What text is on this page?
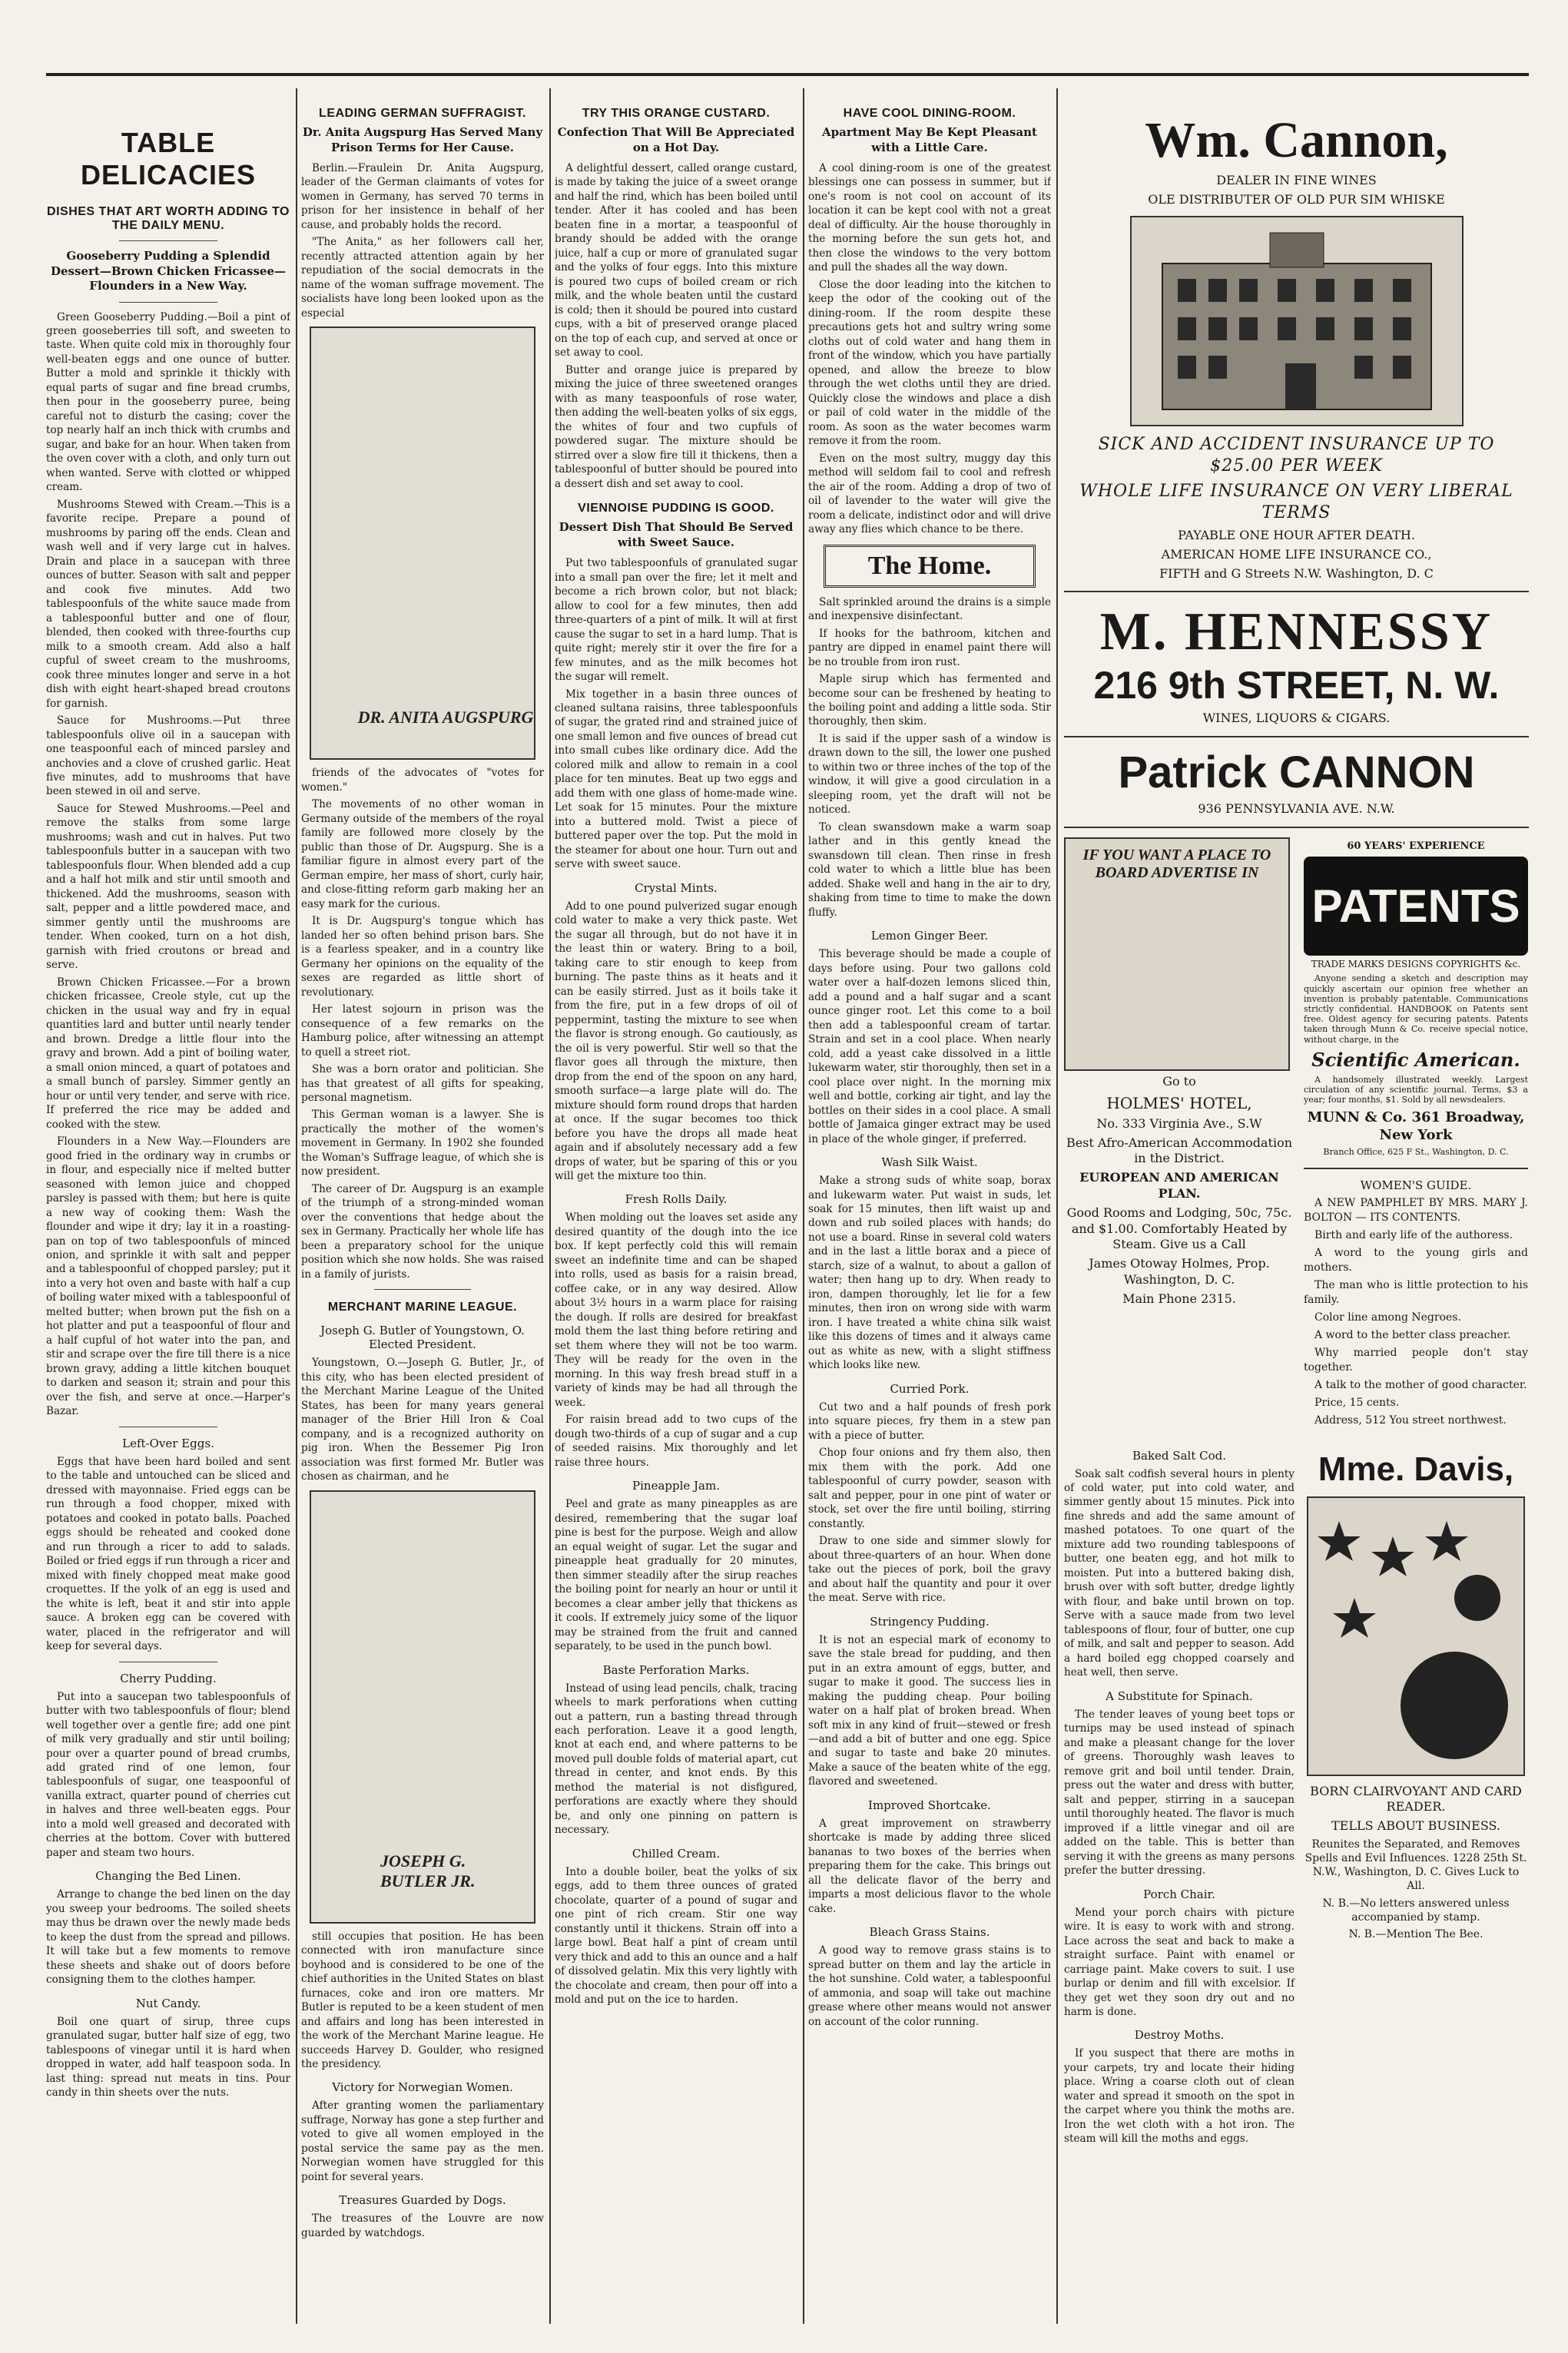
TABLE DELICACIES
DISHES THAT ART WORTH ADDING TO THE DAILY MENU.
Gooseberry Pudding a Splendid Dessert—Brown Chicken Fricassee—Flounders in a New Way.

Green Gooseberry Pudding.—Boil a pint of green gooseberries till soft, and sweeten to taste. When quite cold mix in thoroughly four well-beaten eggs and one ounce of butter. Butter a mold and sprinkle it thickly with equal parts of sugar and fine bread crumbs, then pour in the gooseberry puree, being careful not to disturb the casing; cover the top nearly half an inch thick with crumbs and sugar, and bake for an hour. When taken from the oven cover with a cloth, and only turn out when wanted. Serve with clotted or whipped cream.

Mushrooms Stewed with Cream.—This is a favorite recipe. Prepare a pound of mushrooms by paring off the ends. Clean and wash well and if very large cut in halves. Drain and place in a saucepan with three ounces of butter. Season with salt and pepper and cook five minutes. Add two tablespoonfuls of the white sauce made from a tablespoonful butter and one of flour, blended, then cooked with three-fourths cup milk to a smooth cream. Add also a half cupful of sweet cream to the mushrooms, cook three minutes longer and serve in a hot dish with eight heart-shaped bread croutons for garnish.

Sauce for Mushrooms.—Put three tablespoonfuls olive oil in a saucepan with one teaspoonful each of minced parsley and anchovies and a clove of crushed garlic. Heat five minutes, add to mushrooms that have been stewed in oil and serve.

Sauce for Stewed Mushrooms.—Peel and remove the stalks from some large mushrooms; wash and cut in halves. Put two tablespoonfuls butter in a saucepan with two tablespoonfuls flour. When blended add a cup and a half hot milk and stir until smooth and thickened. Add the mushrooms, season with salt, pepper and a little powdered mace, and simmer gently until the mushrooms are tender. When cooked, turn on a hot dish, garnish with fried croutons or bread and serve.

Brown Chicken Fricassee.—For a brown chicken fricassee, Creole style, cut up the chicken in the usual way and fry in equal quantities lard and butter until nearly tender and brown. Dredge a little flour into the gravy and brown. Add a pint of boiling water, a small onion minced, a quart of potatoes and a small bunch of parsley. Simmer gently an hour or until very tender, and serve with rice. If preferred the rice may be added and cooked with the stew.

Flounders in a New Way.—Flounders are good fried in the ordinary way in crumbs or in flour, and especially nice if melted butter seasoned with lemon juice and chopped parsley is passed with them; but here is quite a new way of cooking them: Wash the flounder and wipe it dry; lay it in a roasting-pan on top of two tablespoonfuls of minced onion, and sprinkle it with salt and pepper and a tablespoonful of chopped parsley; put it into a very hot oven and baste with half a cup of boiling water mixed with a tablespoonful of melted butter; when brown put the fish on a hot platter and put a teaspoonful of flour and a half cupful of hot water into the pan, and stir and scrape over the fire till there is a nice brown gravy, adding a little kitchen bouquet to darken and season it; strain and pour this over the fish, and serve at once.—Harper's Bazar.

Left-Over Eggs.

Eggs that have been hard boiled and sent to the table and untouched can be sliced and dressed with mayonnaise. Fried eggs can be run through a food chopper, mixed with potatoes and cooked in potato balls. Poached eggs should be reheated and cooked done and run through a ricer to add to salads. Boiled or fried eggs if run through a ricer and mixed with finely chopped meat make good croquettes. If the yolk of an egg is used and the white is left, beat it and stir into apple sauce. A broken egg can be covered with water, placed in the refrigerator and will keep for several days.

Cherry Pudding.

Put into a saucepan two tablespoonfuls of butter with two tablespoonfuls of flour; blend well together over a gentle fire; add one pint of milk very gradually and stir until boiling; pour over a quarter pound of bread crumbs, add grated rind of one lemon, four tablespoonfuls of sugar, one teaspoonful of vanilla extract, quarter pound of cherries cut in halves and three well-beaten eggs. Pour into a mold well greased and decorated with cherries at the bottom. Cover with buttered paper and steam two hours.

Changing the Bed Linen.

Arrange to change the bed linen on the day you sweep your bedrooms. The soiled sheets may thus be drawn over the newly made beds to keep the dust from the spread and pillows. It will take but a few moments to remove these sheets and shake out of doors before consigning them to the clothes hamper.

Nut Candy.

Boil one quart of sirup, three cups granulated sugar, butter half size of egg, two tablespoons of vinegar until it is hard when dropped in water, add half teaspoon soda. In last thing: spread nut meats in tins. Pour candy in thin sheets over the nuts.

LEADING GERMAN SUFFRAGIST.
Dr. Anita Augspurg Has Served Many Prison Terms for Her Cause.

Berlin.—Fraulein Dr. Anita Augspurg, leader of the German claimants of votes for women in Germany, has served 70 terms in prison for her insistence in behalf of her cause, and probably holds the record.

"The Anita," as her followers call her, recently attracted attention again by her repudiation of the social democrats in the name of the woman suffrage movement. The socialists have long been looked upon as the especial

DR. ANITA AUGSPURG

friends of the advocates of "votes for women."

The movements of no other woman in Germany outside of the members of the royal family are followed more closely by the public than those of Dr. Augspurg. She is a familiar figure in almost every part of the German empire, her mass of short, curly hair, and close-fitting reform garb making her an easy mark for the curious.

It is Dr. Augspurg's tongue which has landed her so often behind prison bars. She is a fearless speaker, and in a country like Germany her opinions on the equality of the sexes are regarded as little short of revolutionary.

Her latest sojourn in prison was the consequence of a few remarks on the Hamburg police, after witnessing an attempt to quell a street riot.

She was a born orator and politician. She has that greatest of all gifts for speaking, personal magnetism.

This German woman is a lawyer. She is practically the mother of the women's movement in Germany. In 1902 she founded the Woman's Suffrage league, of which she is now president.

The career of Dr. Augspurg is an example of the triumph of a strong-minded woman over the conventions that hedge about the sex in Germany. Practically her whole life has been a preparatory school for the unique position which she now holds. She was raised in a family of jurists.

MERCHANT MARINE LEAGUE.
Joseph G. Butler of Youngstown, O. Elected President.

Youngstown, O.—Joseph G. Butler, Jr., of this city, who has been elected president of the Merchant Marine League of the United States, has been for many years general manager of the Brier Hill Iron & Coal company, and is a recognized authority on pig iron. When the Bessemer Pig Iron association was first formed Mr. Butler was chosen as chairman, and he

JOSEPH G. BUTLER JR.

still occupies that position. He has been connected with iron manufacture since boyhood and is considered to be one of the chief authorities in the United States on blast furnaces, coke and iron ore matters. Mr Butler is reputed to be a keen student of men and affairs and long has been interested in the work of the Merchant Marine league. He succeeds Harvey D. Goulder, who resigned the presidency.

Victory for Norwegian Women.

After granting women the parliamentary suffrage, Norway has gone a step further and voted to give all women employed in the postal service the same pay as the men. Norwegian women have struggled for this point for several years.

Treasures Guarded by Dogs.

The treasures of the Louvre are now guarded by watchdogs.

TRY THIS ORANGE CUSTARD.
Confection That Will Be Appreciated on a Hot Day.

A delightful dessert, called orange custard, is made by taking the juice of a sweet orange and half the rind, which has been boiled until tender. After it has cooled and has been beaten fine in a mortar, a teaspoonful of brandy should be added with the orange juice, half a cup or more of granulated sugar and the yolks of four eggs. Into this mixture is poured two cups of boiled cream or rich milk, and the whole beaten until the custard is cold; then it should be poured into custard cups, with a bit of preserved orange placed on the top of each cup, and served at once or set away to cool.

Butter and orange juice is prepared by mixing the juice of three sweetened oranges with as many teaspoonfuls of rose water, then adding the well-beaten yolks of six eggs, the whites of four and two cupfuls of powdered sugar. The mixture should be stirred over a slow fire till it thickens, then a tablespoonful of butter should be poured into a dessert dish and set away to cool.

VIENNOISE PUDDING IS GOOD.
Dessert Dish That Should Be Served with Sweet Sauce.

Put two tablespoonfuls of granulated sugar into a small pan over the fire; let it melt and become a rich brown color, but not black; allow to cool for a few minutes, then add three-quarters of a pint of milk. It will at first cause the sugar to set in a hard lump. That is quite right; merely stir it over the fire for a few minutes, and as the milk becomes hot the sugar will remelt.

Mix together in a basin three ounces of cleaned sultana raisins, three tablespoonfuls of sugar, the grated rind and strained juice of one small lemon and five ounces of bread cut into small cubes like ordinary dice. Add the colored milk and allow to remain in a cool place for ten minutes. Beat up two eggs and add them with one glass of home-made wine. Let soak for 15 minutes. Pour the mixture into a buttered mold. Twist a piece of buttered paper over the top. Put the mold in the steamer for about one hour. Turn out and serve with sweet sauce.

Crystal Mints.

Add to one pound pulverized sugar enough cold water to make a very thick paste. Wet the sugar all through, but do not have it in the least thin or watery. Bring to a boil, taking care to stir enough to keep from burning. The paste thins as it heats and it can be easily stirred. Just as it boils take it from the fire, put in a few drops of oil of peppermint, tasting the mixture to see when the flavor is strong enough. Go cautiously, as the oil is very powerful. Stir well so that the flavor goes all through the mixture, then drop from the end of the spoon on any hard, smooth surface—a large plate will do. The mixture should form round drops that harden at once. If the sugar becomes too thick before you have the drops all made heat again and if absolutely necessary add a few drops of water, but be sparing of this or you will get the mixture too thin.

Fresh Rolls Daily.

When molding out the loaves set aside any desired quantity of the dough into the ice box. If kept perfectly cold this will remain sweet an indefinite time and can be shaped into rolls, used as basis for a raisin bread, coffee cake, or in any way desired. Allow about 3½ hours in a warm place for raising the dough. If rolls are desired for breakfast mold them the last thing before retiring and set them where they will not be too warm. They will be ready for the oven in the morning. In this way fresh bread stuff in a variety of kinds may be had all through the week.

For raisin bread add to two cups of the dough two-thirds of a cup of sugar and a cup of seeded raisins. Mix thoroughly and let raise three hours.

Pineapple Jam.

Peel and grate as many pineapples as are desired, remembering that the sugar loaf pine is best for the purpose. Weigh and allow an equal weight of sugar. Let the sugar and pineapple heat gradually for 20 minutes, then simmer steadily after the sirup reaches the boiling point for nearly an hour or until it becomes a clear amber jelly that thickens as it cools. If extremely juicy some of the liquor may be strained from the fruit and canned separately, to be used in the punch bowl.

Baste Perforation Marks.

Instead of using lead pencils, chalk, tracing wheels to mark perforations when cutting out a pattern, run a basting thread through each perforation. Leave it a good length, knot at each end, and where patterns to be moved pull double folds of material apart, cut thread in center, and knot ends. By this method the material is not disfigured, perforations are exactly where they should be, and only one pinning on pattern is necessary.

Chilled Cream.

Into a double boiler, beat the yolks of six eggs, add to them three ounces of grated chocolate, quarter of a pound of sugar and one pint of rich cream. Stir one way constantly until it thickens. Strain off into a large bowl. Beat half a pint of cream until very thick and add to this an ounce and a half of dissolved gelatin. Mix this very lightly with the chocolate and cream, then pour off into a mold and put on the ice to harden.

HAVE COOL DINING-ROOM.
Apartment May Be Kept Pleasant with a Little Care.

A cool dining-room is one of the greatest blessings one can possess in summer, but if one's room is not cool on account of its location it can be kept cool with not a great deal of difficulty. Air the house thoroughly in the morning before the sun gets hot, and then close the windows to the very bottom and pull the shades all the way down.

Close the door leading into the kitchen to keep the odor of the cooking out of the dining-room. If the room despite these precautions gets hot and sultry wring some cloths out of cold water and hang them in front of the window, which you have partially opened, and allow the breeze to blow through the wet cloths until they are dried. Quickly close the windows and place a dish or pail of cold water in the middle of the room. As soon as the water becomes warm remove it from the room.

Even on the most sultry, muggy day this method will seldom fail to cool and refresh the air of the room. Adding a drop of two of oil of lavender to the water will give the room a delicate, indistinct odor and will drive away any flies which chance to be there.

The Home.

Salt sprinkled around the drains is a simple and inexpensive disinfectant.

If hooks for the bathroom, kitchen and pantry are dipped in enamel paint there will be no trouble from iron rust.

Maple sirup which has fermented and become sour can be freshened by heating to the boiling point and adding a little soda. Stir thoroughly, then skim.

It is said if the upper sash of a window is drawn down to the sill, the lower one pushed to within two or three inches of the top of the window, it will give a good circulation in a sleeping room, yet the draft will not be noticed.

To clean swansdown make a warm soap lather and in this gently knead the swansdown till clean. Then rinse in fresh cold water to which a little blue has been added. Shake well and hang in the air to dry, shaking from time to time to make the down fluffy.

Lemon Ginger Beer.

This beverage should be made a couple of days before using. Pour two gallons cold water over a half-dozen lemons sliced thin, add a pound and a half sugar and a scant ounce ginger root. Let this come to a boil then add a tablespoonful cream of tartar. Strain and set in a cool place. When nearly cold, add a yeast cake dissolved in a little lukewarm water, stir thoroughly, then set in a cool place over night. In the morning mix well and bottle, corking air tight, and lay the bottles on their sides in a cool place. A small bottle of Jamaica ginger extract may be used in place of the whole ginger, if preferred.

Wash Silk Waist.

Make a strong suds of white soap, borax and lukewarm water. Put waist in suds, let soak for 15 minutes, then lift waist up and down and rub soiled places with hands; do not use a board. Rinse in several cold waters and in the last a little borax and a piece of starch, size of a walnut, to about a gallon of water; then hang up to dry. When ready to iron, dampen thoroughly, let lie for a few minutes, then iron on wrong side with warm iron. I have treated a white china silk waist like this dozens of times and it always came out as white as new, with a slight stiffness which looks like new.

Curried Pork.

Cut two and a half pounds of fresh pork into square pieces, fry them in a stew pan with a piece of butter.

Chop four onions and fry them also, then mix them with the pork. Add one tablespoonful of curry powder, season with salt and pepper, pour in one pint of water or stock, set over the fire until boiling, stirring constantly.

Draw to one side and simmer slowly for about three-quarters of an hour. When done take out the pieces of pork, boil the gravy and about half the quantity and pour it over the meat. Serve with rice.

Stringency Pudding.

It is not an especial mark of economy to save the stale bread for pudding, and then put in an extra amount of eggs, butter, and sugar to make it good. The success lies in making the pudding cheap. Pour boiling water on a half plat of broken bread. When soft mix in any kind of fruit—stewed or fresh—and add a bit of butter and one egg. Spice and sugar to taste and bake 20 minutes. Make a sauce of the beaten white of the egg, flavored and sweetened.

Improved Shortcake.

A great improvement on strawberry shortcake is made by adding three sliced bananas to two boxes of the berries when preparing them for the cake. This brings out all the delicate flavor of the berry and imparts a most delicious flavor to the whole cake.

Bleach Grass Stains.

A good way to remove grass stains is to spread butter on them and lay the article in the hot sunshine. Cold water, a tablespoonful of ammonia, and soap will take out machine grease where other means would not answer on account of the color running.

Wm. Cannon,
DEALER IN FINE WINES
OLE DISTRIBUTER OF OLD PUR SIM WHISKE
SICK AND ACCIDENT INSURANCE UP TO $25.00 PER WEEK
WHOLE LIFE INSURANCE ON VERY LIBERAL TERMS
PAYABLE ONE HOUR AFTER DEATH.
AMERICAN HOME LIFE INSURANCE CO.,
FIFTH and G Streets N.W. Washington, D. C
M. HENNESSY
216 9th STREET, N. W.
WINES, LIQUORS & CIGARS.
Patrick CANNON
936 PENNSYLVANIA AVE. N.W.
IF YOU WANT A PLACE TO BOARD ADVERTISE IN
Go to
HOLMES' HOTEL,
No. 333 Virginia Ave., S.W
Best Afro-American Accommodation in the District.
EUROPEAN AND AMERICAN PLAN.
Good Rooms and Lodging, 50c, 75c. and $1.00. Comfortably Heated by Steam. Give us a Call
James Otoway Holmes, Prop. Washington, D. C.
Main Phone 2315.
60 YEARS' EXPERIENCE
PATENTS
TRADE MARKS DESIGNS COPYRIGHTS &c.

Anyone sending a sketch and description may quickly ascertain our opinion free whether an invention is probably patentable. Communications strictly confidential. HANDBOOK on Patents sent free. Oldest agency for securing patents. Patents taken through Munn & Co. receive special notice, without charge, in the

Scientific American.

A handsomely illustrated weekly. Largest circulation of any scientific journal. Terms, $3 a year; four months, $1. Sold by all newsdealers.

MUNN & Co. 361 Broadway, New York
Branch Office, 625 F St., Washington, D. C.
WOMEN'S GUIDE.

A NEW PAMPHLET BY MRS. MARY J. BOLTON — ITS CONTENTS.

Birth and early life of the authoress.

A word to the young girls and mothers.

The man who is little protection to his family.

Color line among Negroes.

A word to the better class preacher.

Why married people don't stay together.

A talk to the mother of good character.

Price, 15 cents.

Address, 512 You street northwest.

Baked Salt Cod.

Soak salt codfish several hours in plenty of cold water, put into cold water, and simmer gently about 15 minutes. Pick into fine shreds and add the same amount of mashed potatoes. To one quart of the mixture add two rounding tablespoons of butter, one beaten egg, and hot milk to moisten. Put into a buttered baking dish, brush over with soft butter, dredge lightly with flour, and bake until brown on top. Serve with a sauce made from two level tablespoons of flour, four of butter, one cup of milk, and salt and pepper to season. Add a hard boiled egg chopped coarsely and heat well, then serve.

A Substitute for Spinach.

The tender leaves of young beet tops or turnips may be used instead of spinach and make a pleasant change for the lover of greens. Thoroughly wash leaves to remove grit and boil until tender. Drain, press out the water and dress with butter, salt and pepper, stirring in a saucepan until thoroughly heated. The flavor is much improved if a little vinegar and oil are added on the table. This is better than serving it with the greens as many persons prefer the butter dressing.

Porch Chair.

Mend your porch chairs with picture wire. It is easy to work with and strong. Lace across the seat and back to make a straight surface. Paint with enamel or carriage paint. Make covers to suit. I use burlap or denim and fill with excelsior. If they get wet they soon dry out and no harm is done.

Destroy Moths.

If you suspect that there are moths in your carpets, try and locate their hiding place. Wring a coarse cloth out of clean water and spread it smooth on the spot in the carpet where you think the moths are. Iron the wet cloth with a hot iron. The steam will kill the moths and eggs.

Mme. Davis,
BORN CLAIRVOYANT AND CARD READER.
TELLS ABOUT BUSINESS.
Reunites the Separated, and Removes Spells and Evil Influences. 1228 25th St. N.W., Washington, D. C. Gives Luck to All.
N. B.—No letters answered unless accompanied by stamp.
N. B.—Mention The Bee.
